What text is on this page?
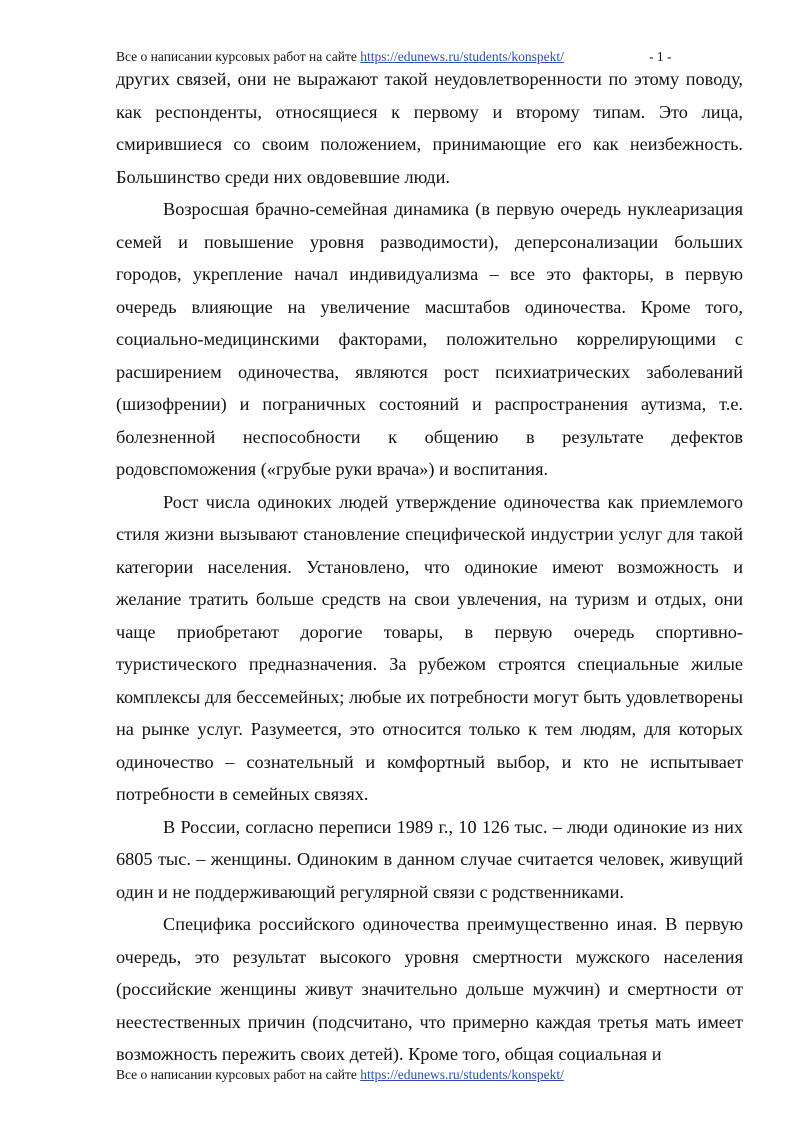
Все о написании курсовых работ на сайте https://edunews.ru/students/konspekt/	- 1 -

других связей, они не выражают такой неудовлетворенности по этому поводу, как респонденты, относящиеся к первому и второму типам. Это лица, смирившиеся со своим положением, принимающие его как неизбежность. Большинство среди них овдовевшие люди.

Возросшая брачно-семейная динамика (в первую очередь нуклеаризация семей и повышение уровня разводимости), деперсонализации больших городов, укрепление начал индивидуализма – все это факторы, в первую очередь влияющие на увеличение масштабов одиночества. Кроме того, социально-медицинскими факторами, положительно коррелирующими с расширением одиночества, являются рост психиатрических заболеваний (шизофрении) и пограничных состояний и распространения аутизма, т.е. болезненной неспособности к общению в результате дефектов родовспоможения («грубые руки врача») и воспитания.

Рост числа одиноких людей утверждение одиночества как приемлемого стиля жизни вызывают становление специфической индустрии услуг для такой категории населения. Установлено, что одинокие имеют возможность и желание тратить больше средств на свои увлечения, на туризм и отдых, они чаще приобретают дорогие товары, в первую очередь спортивно-туристического предназначения. За рубежом строятся специальные жилые комплексы для бессемейных; любые их потребности могут быть удовлетворены на рынке услуг. Разумеется, это относится только к тем людям, для которых одиночество – сознательный и комфортный выбор, и кто не испытывает потребности в семейных связях.

В России, согласно переписи 1989 г., 10 126 тыс. – люди одинокие из них 6805 тыс. – женщины. Одиноким в данном случае считается человек, живущий один и не поддерживающий регулярной связи с родственниками.

Специфика российского одиночества преимущественно иная. В первую очередь, это результат высокого уровня смертности мужского населения (российские женщины живут значительно дольше мужчин) и смертности от неестественных причин (подсчитано, что примерно каждая третья мать имеет возможность пережить своих детей). Кроме того, общая социальная и

Все о написании курсовых работ на сайте https://edunews.ru/students/konspekt/
